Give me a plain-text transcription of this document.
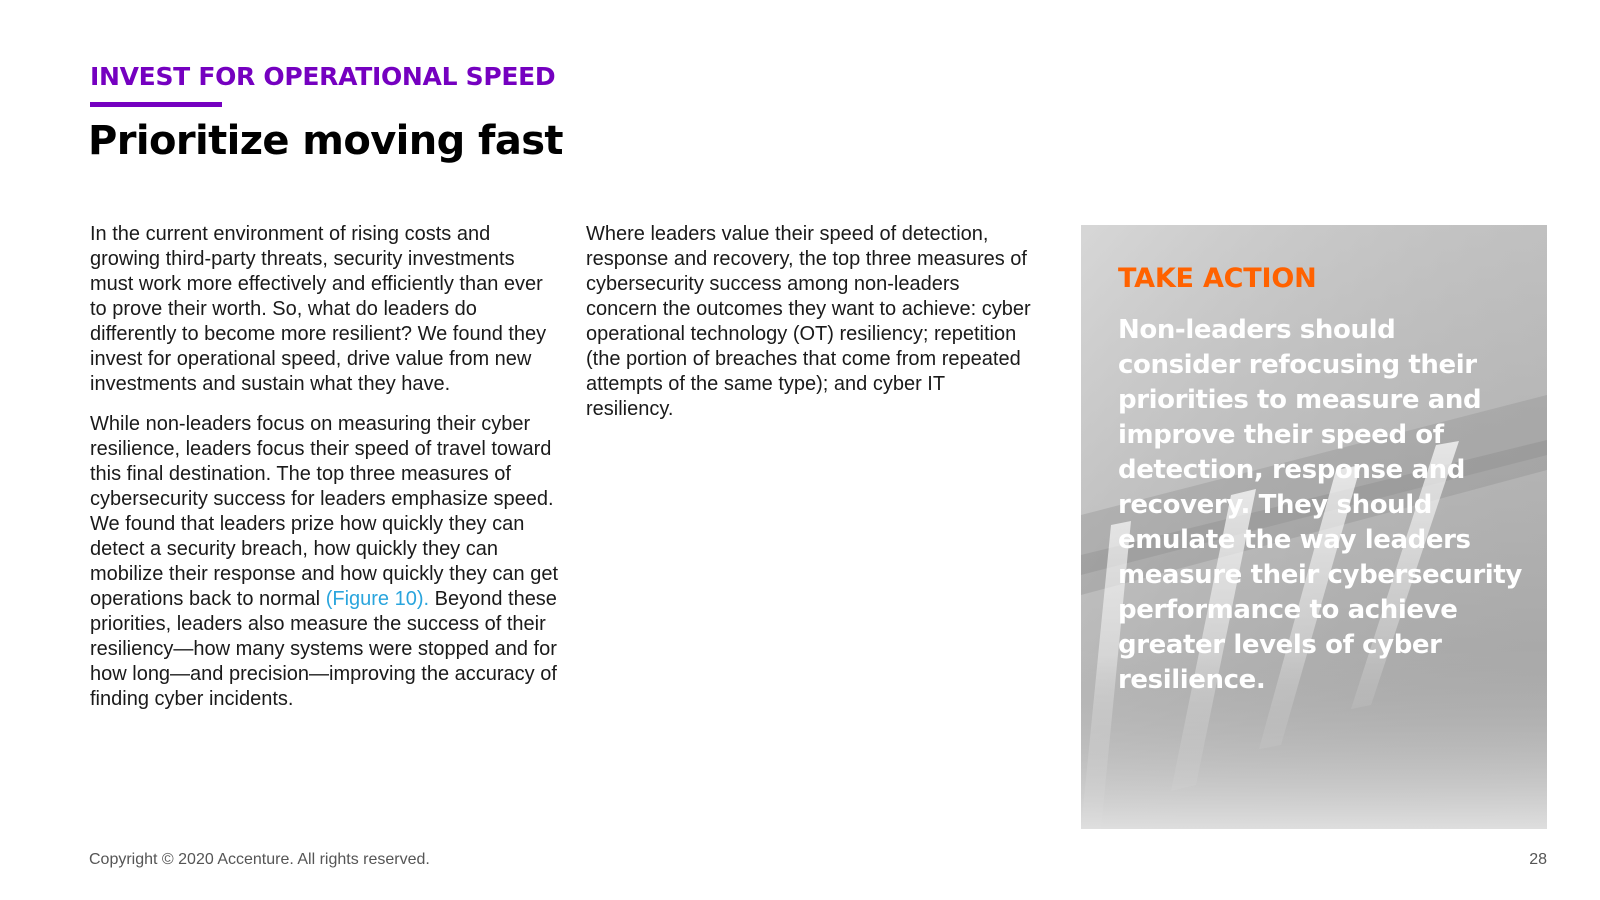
INVEST FOR OPERATIONAL SPEED
Prioritize moving fast

In the current environment of rising costs and growing third-party threats, security investments must work more effectively and efficiently than ever to prove their worth. So, what do leaders do differently to become more resilient? We found they invest for operational speed, drive value from new investments and sustain what they have.

While non-leaders focus on measuring their cyber resilience, leaders focus their speed of travel toward this final destination. The top three measures of cybersecurity success for leaders emphasize speed. We found that leaders prize how quickly they can detect a security breach, how quickly they can mobilize their response and how quickly they can get operations back to normal (Figure 10). Beyond these priorities, leaders also measure the success of their resiliency—how many systems were stopped and for how long—and precision—improving the accuracy of finding cyber incidents.

Where leaders value their speed of detection, response and recovery, the top three measures of cybersecurity success among non-leaders concern the outcomes they want to achieve: cyber operational technology (OT) resiliency; repetition (the portion of breaches that come from repeated attempts of the same type); and cyber IT resiliency.

TAKE ACTION

Non-leaders should consider refocusing their priorities to measure and improve their speed of detection, response and recovery. They should emulate the way leaders measure their cybersecurity performance to achieve greater levels of cyber resilience.

Copyright © 2020 Accenture. All rights reserved.	28
